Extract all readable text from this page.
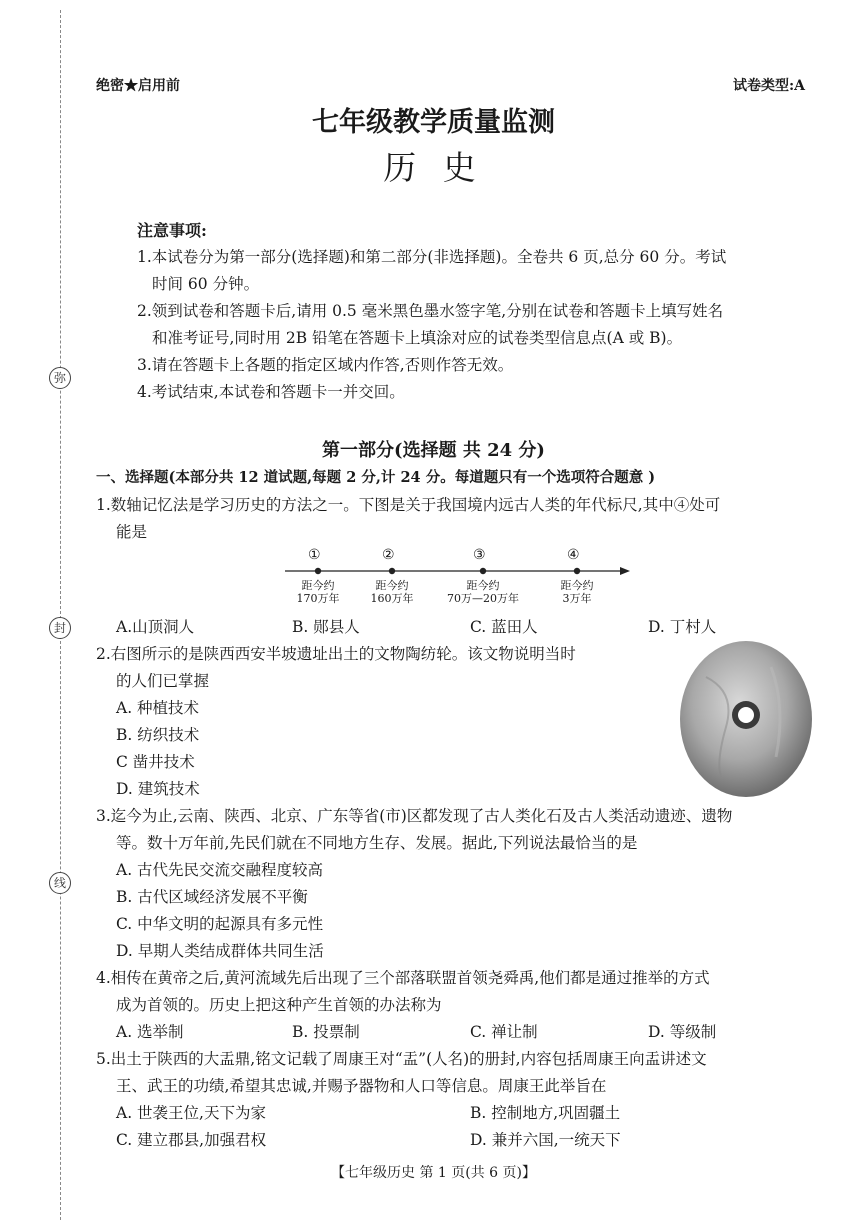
弥
封
线
绝密★启用前	试卷类型:A
七年级教学质量监测
历 史
注意事项:
1.本试卷分为第一部分(选择题)和第二部分(非选择题)。全卷共 6 页,总分 60 分。考试
时间 60 分钟。
2.领到试卷和答题卡后,请用 0.5 毫米黑色墨水签字笔,分别在试卷和答题卡上填写姓名
和准考证号,同时用 2B 铅笔在答题卡上填涂对应的试卷类型信息点(A 或 B)。
3.请在答题卡上各题的指定区域内作答,否则作答无效。
4.考试结束,本试卷和答题卡一并交回。
第一部分(选择题 共 24 分)
一、选择题(本部分共 12 道试题,每题 2 分,计 24 分。每道题只有一个选项符合题意 )
1.数轴记忆法是学习历史的方法之一。下图是关于我国境内远古人类的年代标尺,其中④处可
能是
①	②	③	④
距今约
170万年
距今约
160万年
距今约
70万—20万年
距今约
3万年
A.山顶洞人	B. 郧县人	C. 蓝田人	D. 丁村人
2.右图所示的是陕西西安半坡遗址出土的文物陶纺轮。该文物说明当时
的人们已掌握
A. 种植技术
B. 纺织技术
C 凿井技术
D. 建筑技术
3.迄今为止,云南、陕西、北京、广东等省(市)区都发现了古人类化石及古人类活动遗迹、遗物
等。数十万年前,先民们就在不同地方生存、发展。据此,下列说法最恰当的是
A. 古代先民交流交融程度较高
B. 古代区域经济发展不平衡
C. 中华文明的起源具有多元性
D. 早期人类结成群体共同生活
4.相传在黄帝之后,黄河流域先后出现了三个部落联盟首领尧舜禹,他们都是通过推举的方式
成为首领的。历史上把这种产生首领的办法称为
A. 选举制	B. 投票制	C. 禅让制	D. 等级制
5.出土于陕西的大盂鼎,铭文记载了周康王对“盂”(人名)的册封,内容包括周康王向盂讲述文
王、武王的功绩,希望其忠诚,并赐予器物和人口等信息。周康王此举旨在
A. 世袭王位,天下为家	B. 控制地方,巩固疆土
C. 建立郡县,加强君权	D. 兼并六国,一统天下
【七年级历史 第 1 页(共 6 页)】
